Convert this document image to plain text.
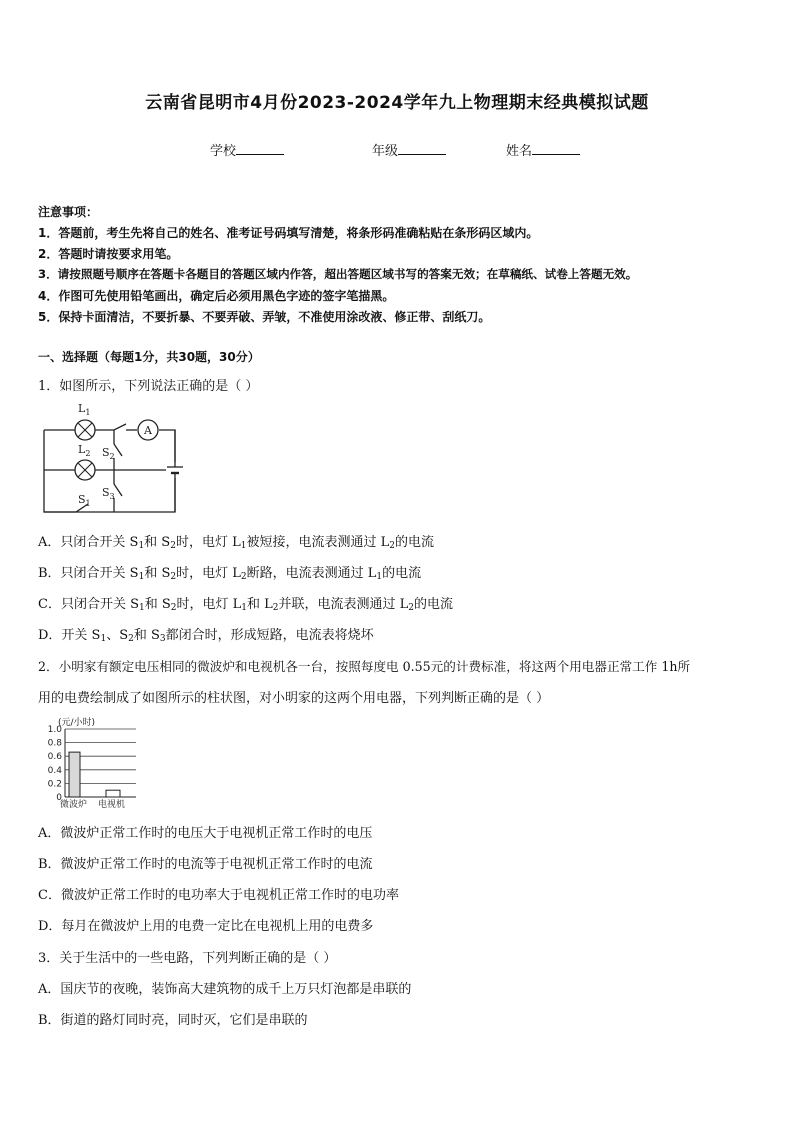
云南省昆明市4月份2023-2024学年九上物理期末经典模拟试题
学校	年级	姓名
注意事项：
1．答题前，考生先将自己的姓名、准考证号码填写清楚，将条形码准确粘贴在条形码区域内。
2．答题时请按要求用笔。
3．请按照题号顺序在答题卡各题目的答题区域内作答，超出答题区域书写的答案无效；在草稿纸、试卷上答题无效。
4．作图可先使用铅笔画出，确定后必须用黑色字迹的签字笔描黑。
5．保持卡面清洁，不要折暴、不要弄破、弄皱，不准使用涂改液、修正带、刮纸刀。
一、选择题（每题1分，共30题，30分）
1．如图所示，下列说法正确的是（ ）
A
$L_1$
$L_2$ $S_2$
$S_3$
$S_1$
A．只闭合开关 $S_1$和 $S_2$时，电灯 $L_1$被短接，电流表测通过 $L_2$的电流
B．只闭合开关 $S_1$和 $S_2$时，电灯 $L_2$断路，电流表测通过 $L_1$的电流
C．只闭合开关 $S_1$和 $S_2$时，电灯 $L_1$和 $L_2$并联，电流表测通过 $L_2$的电流
D．开关 $S_1$、$S_2$和 $S_3$都闭合时，形成短路，电流表将烧坏
2．小明家有额定电压相同的微波炉和电视机各一台，按照每度电 0.55元的计费标准，将这两个用电器正常工作 1h所
用的电费绘制成了如图所示的柱状图，对小明家的这两个用电器，下列判断正确的是（ ）
(元/小时)
1.0
0.8
0.6
0.4
0.2
0
微波炉 电视机
A．微波炉正常工作时的电压大于电视机正常工作时的电压
B．微波炉正常工作时的电流等于电视机正常工作时的电流
C．微波炉正常工作时的电功率大于电视机正常工作时的电功率
D．每月在微波炉上用的电费一定比在电视机上用的电费多
3．关于生活中的一些电路，下列判断正确的是（ ）
A．国庆节的夜晚，装饰高大建筑物的成千上万只灯泡都是串联的
B．街道的路灯同时亮，同时灭，它们是串联的
